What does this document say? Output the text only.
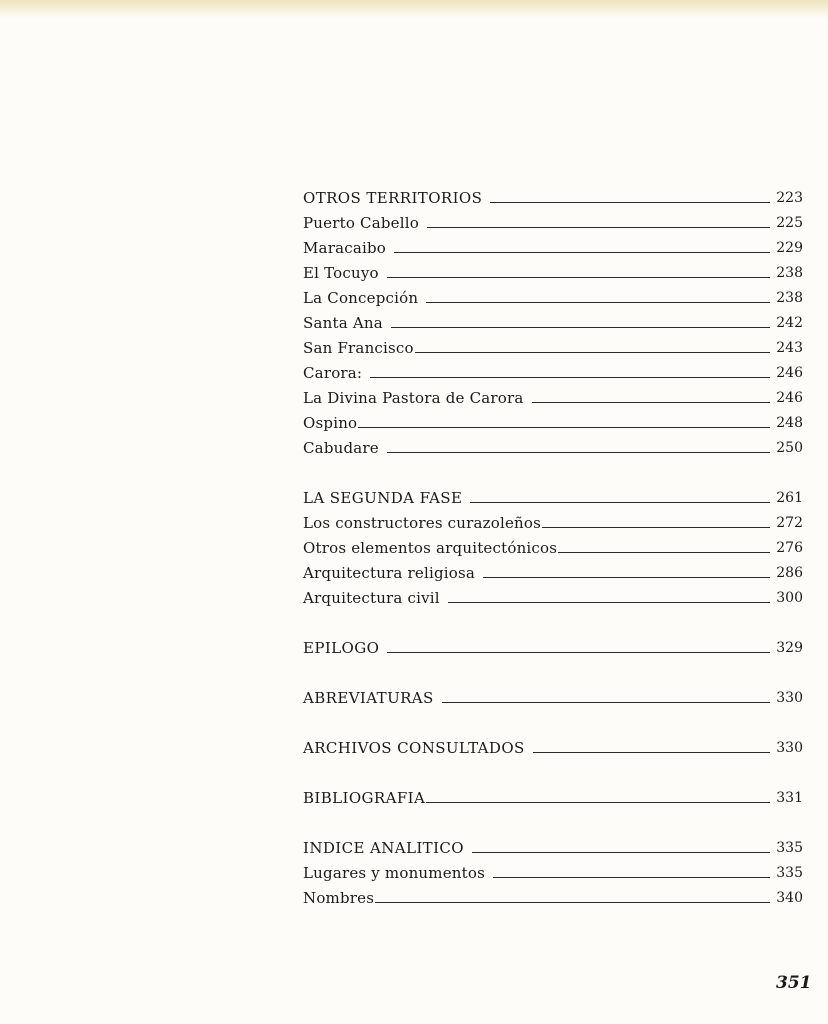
OTROS TERRITORIOS	223
Puerto Cabello	225
Maracaibo	229
El Tocuyo	238
La Concepción	238
Santa Ana	242
San Francisco	243
Carora:	246
La Divina Pastora de Carora	246
Ospino	248
Cabudare	250
LA SEGUNDA FASE	261
Los constructores curazoleños	272
Otros elementos arquitectónicos	276
Arquitectura religiosa	286
Arquitectura civil	300
EPILOGO	329
ABREVIATURAS	330
ARCHIVOS CONSULTADOS	330
BIBLIOGRAFIA	331
INDICE ANALITICO	335
Lugares y monumentos	335
Nombres	340
351
